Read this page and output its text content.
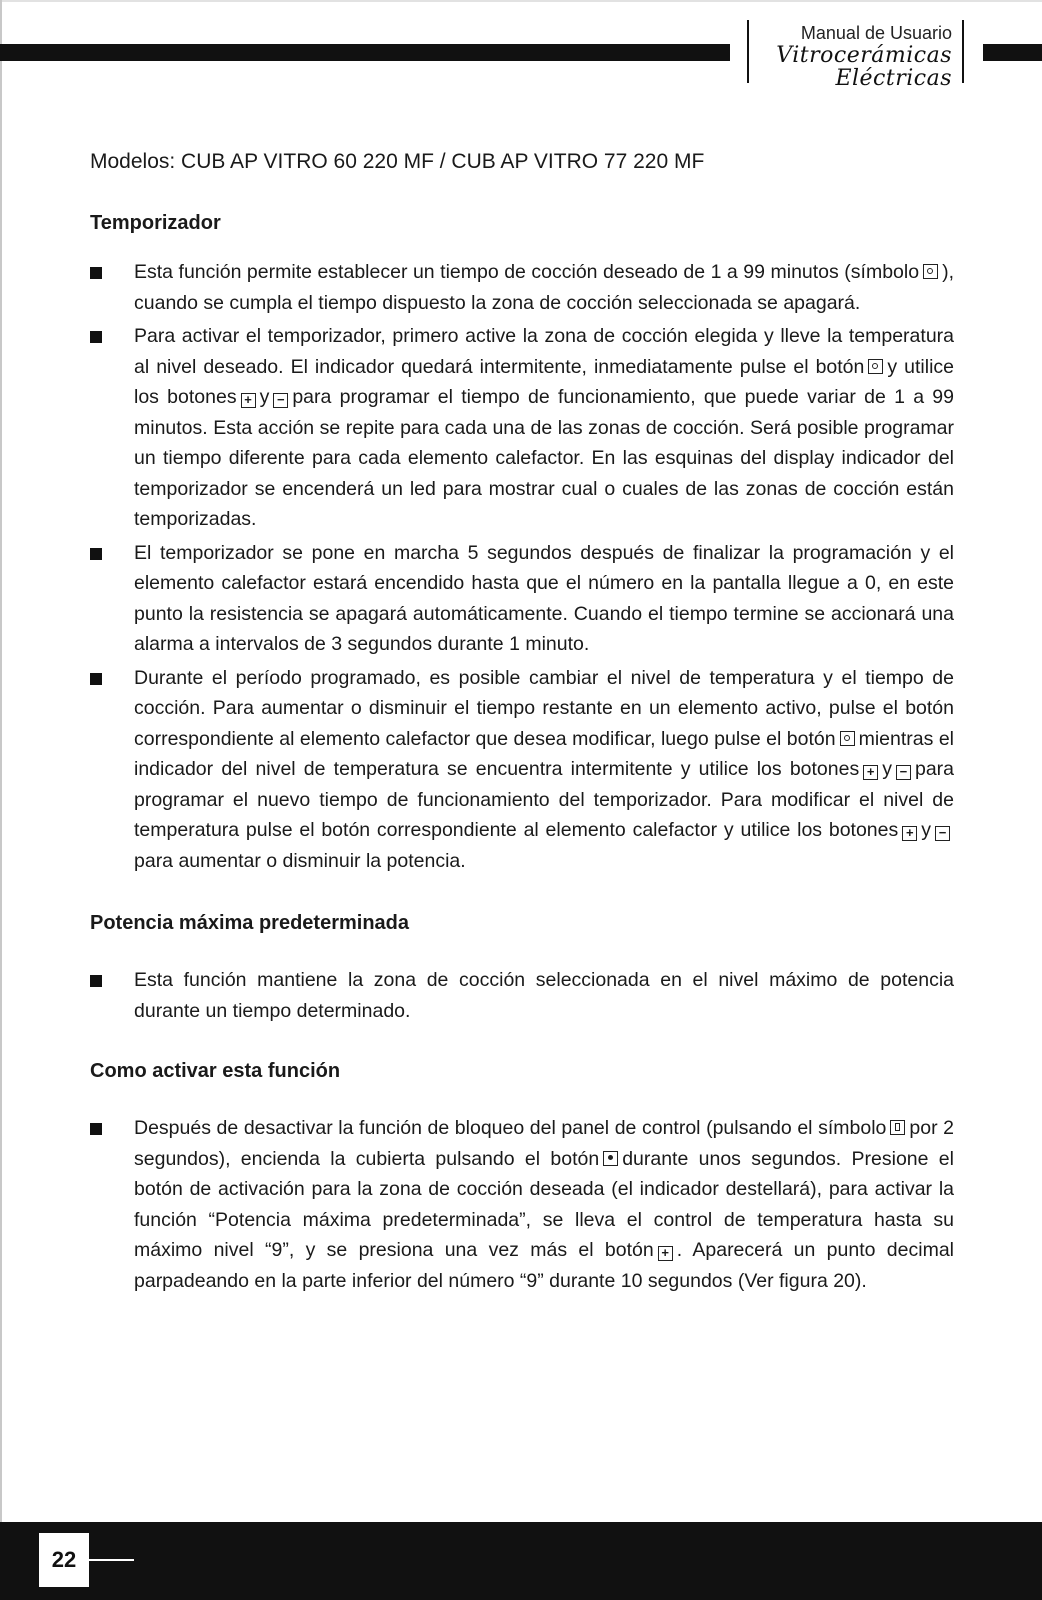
Manual de Usuario
Vitrocerámicas
Eléctricas

Modelos: CUB AP VITRO 60 220 MF / CUB AP VITRO 77 220 MF

Temporizador
Esta función permite establecer un tiempo de cocción deseado de 1 a 99 minutos (símbolo ), cuando se cumpla el tiempo dispuesto la zona de cocción seleccionada se apagará.
Para activar el temporizador, primero active la zona de cocción elegida y lleve la temperatura al nivel deseado. El indicador quedará intermitente, inmediatamente pulse el botón y utilice los botones + y − para programar el tiempo de funcionamiento, que puede variar de 1 a 99 minutos. Esta acción se repite para cada una de las zonas de cocción. Será posible programar un tiempo diferente para cada elemento calefactor. En las esquinas del display indicador del temporizador se encenderá un led para mostrar cual o cuales de las zonas de cocción están temporizadas.
El temporizador se pone en marcha 5 segundos después de finalizar la programación y el elemento calefactor estará encendido hasta que el número en la pantalla llegue a 0, en este punto la resistencia se apagará automáticamente. Cuando el tiempo termine se accionará una alarma a intervalos de 3 segundos durante 1 minuto.
Durante el período programado, es posible cambiar el nivel de temperatura y el tiempo de cocción. Para aumentar o disminuir el tiempo restante en un elemento activo, pulse el botón correspondiente al elemento calefactor que desea modificar, luego pulse el botón mientras el indicador del nivel de temperatura se encuentra intermitente y utilice los botones + y − para programar el nuevo tiempo de funcionamiento del temporizador. Para modificar el nivel de temperatura pulse el botón correspondiente al elemento calefactor y utilice los botones + y −para aumentar o disminuir la potencia.
Potencia máxima predeterminada
Esta función mantiene la zona de cocción seleccionada en el nivel máximo de potencia durante un tiempo determinado.
Como activar esta función
Después de desactivar la función de bloqueo del panel de control (pulsando el símbolo por 2 segundos), encienda la cubierta pulsando el botón durante unos segundos. Presione el botón de activación para la zona de cocción deseada (el indicador destellará), para activar la función “Potencia máxima predeterminada”, se lleva el control de temperatura hasta su máximo nivel “9”, y se presiona una vez más el botón + . Aparecerá un punto decimal parpadeando en la parte inferior del número “9” durante 10 segundos (Ver figura 20).
22
